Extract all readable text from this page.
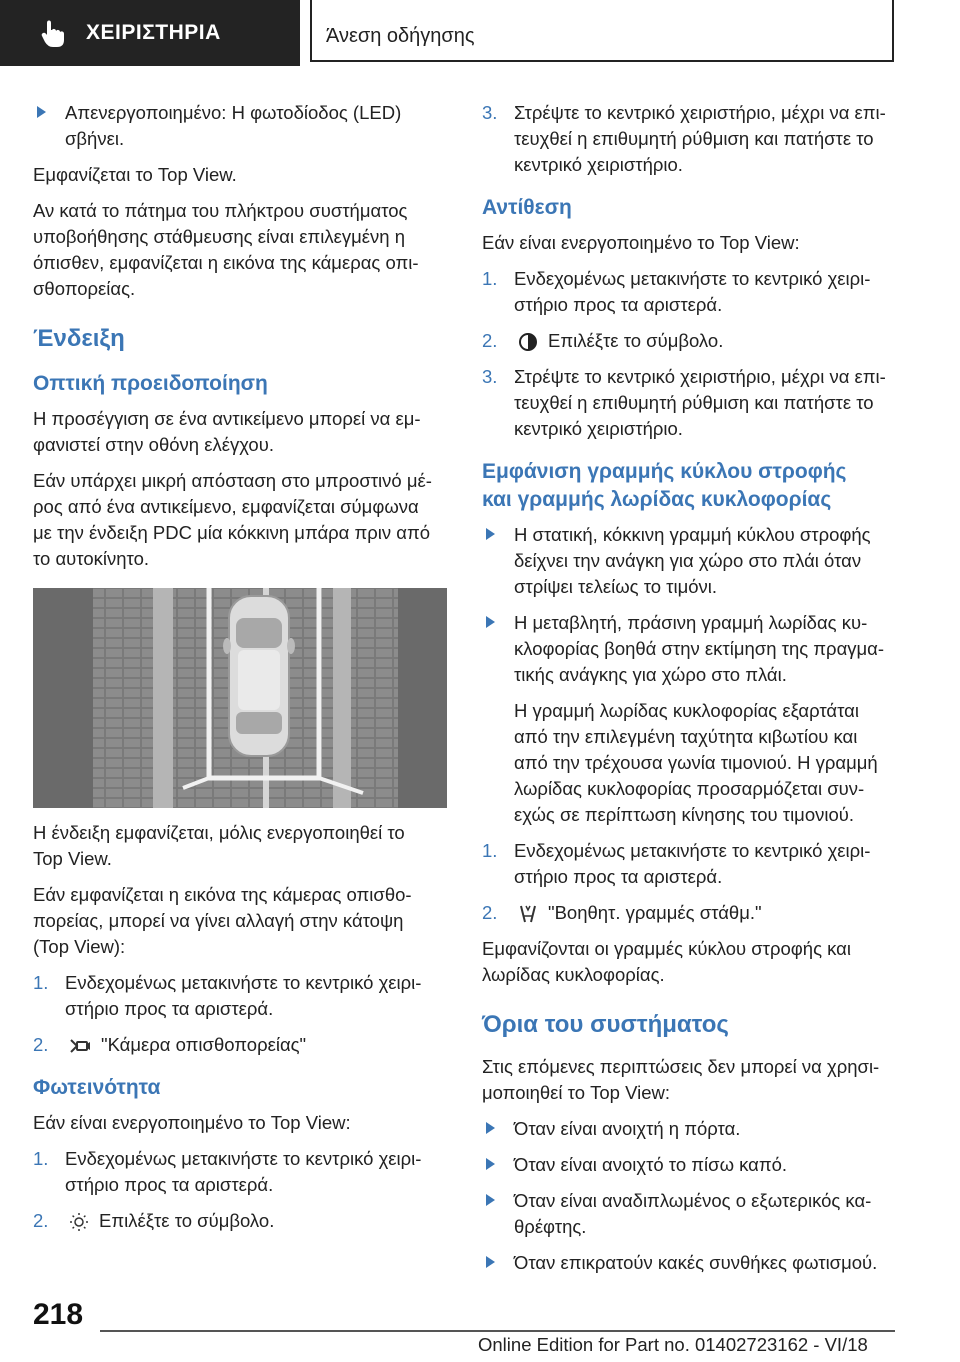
ΧΕΙΡΙΣΤΗΡΙΑ	Άνεση οδήγησης
Απενεργοποιημένο: Η φωτοδίοδος (LED)
σβήνει.
Εμφανίζεται το Top View.
Αν κατά το πάτημα του πλήκτρου συστήματος
υποβοήθησης στάθμευσης είναι επιλεγμένη η
όπισθεν, εμφανίζεται η εικόνα της κάμερας οπι‐
σθοπορείας.
Ένδειξη
Οπτική προειδοποίηση
Η προσέγγιση σε ένα αντικείμενο μπορεί να εμ‐
φανιστεί στην οθόνη ελέγχου.
Εάν υπάρχει μικρή απόσταση στο μπροστινό μέ‐
ρος από ένα αντικείμενο, εμφανίζεται σύμφωνα
με την ένδειξη PDC μία κόκκινη μπάρα πριν από
το αυτοκίνητο.
Η ένδειξη εμφανίζεται, μόλις ενεργοποιηθεί το
Top View.
Εάν εμφανίζεται η εικόνα της κάμερας οπισθο‐
πορείας, μπορεί να γίνει αλλαγή στην κάτοψη
(Top View):
1. Ενδεχομένως μετακινήστε το κεντρικό χειρι‐
στήριο προς τα αριστερά.
2.	"Κάμερα οπισθοπορείας"
Φωτεινότητα
Εάν είναι ενεργοποιημένο το Top View:
1. Ενδεχομένως μετακινήστε το κεντρικό χειρι‐
στήριο προς τα αριστερά.
2.	Επιλέξτε το σύμβολο.
3. Στρέψτε το κεντρικό χειριστήριο, μέχρι να επι‐
τευχθεί η επιθυμητή ρύθμιση και πατήστε το
κεντρικό χειριστήριο.
Αντίθεση
Εάν είναι ενεργοποιημένο το Top View:
1. Ενδεχομένως μετακινήστε το κεντρικό χειρι‐
στήριο προς τα αριστερά.
2.	Επιλέξτε το σύμβολο.
3. Στρέψτε το κεντρικό χειριστήριο, μέχρι να επι‐
τευχθεί η επιθυμητή ρύθμιση και πατήστε το
κεντρικό χειριστήριο.
Εμφάνιση γραμμής κύκλου στροφής
και γραμμής λωρίδας κυκλοφορίας
Η στατική, κόκκινη γραμμή κύκλου στροφής
δείχνει την ανάγκη για χώρο στο πλάι όταν
στρίψει τελείως το τιμόνι.
Η μεταβλητή, πράσινη γραμμή λωρίδας κυ‐
κλοφορίας βοηθά στην εκτίμηση της πραγμα‐
τικής ανάγκης για χώρο στο πλάι.
Η γραμμή λωρίδας κυκλοφορίας εξαρτάται
από την επιλεγμένη ταχύτητα κιβωτίου και
από την τρέχουσα γωνία τιμονιού. Η γραμμή
λωρίδας κυκλοφορίας προσαρμόζεται συν‐
εχώς σε περίπτωση κίνησης του τιμονιού.
1. Ενδεχομένως μετακινήστε το κεντρικό χειρι‐
στήριο προς τα αριστερά.
2.	"Βοηθητ. γραμμές στάθμ."
Εμφανίζονται οι γραμμές κύκλου στροφής και
λωρίδας κυκλοφορίας.
Όρια του συστήματος
Στις επόμενες περιπτώσεις δεν μπορεί να χρησι‐
μοποιηθεί το Top View:
Όταν είναι ανοιχτή η πόρτα.
Όταν είναι ανοιχτό το πίσω καπό.
Όταν είναι αναδιπλωμένος ο εξωτερικός κα‐
θρέφτης.
Όταν επικρατούν κακές συνθήκες φωτισμού.
218
Online Edition for Part no. 01402723162 - VI/18
